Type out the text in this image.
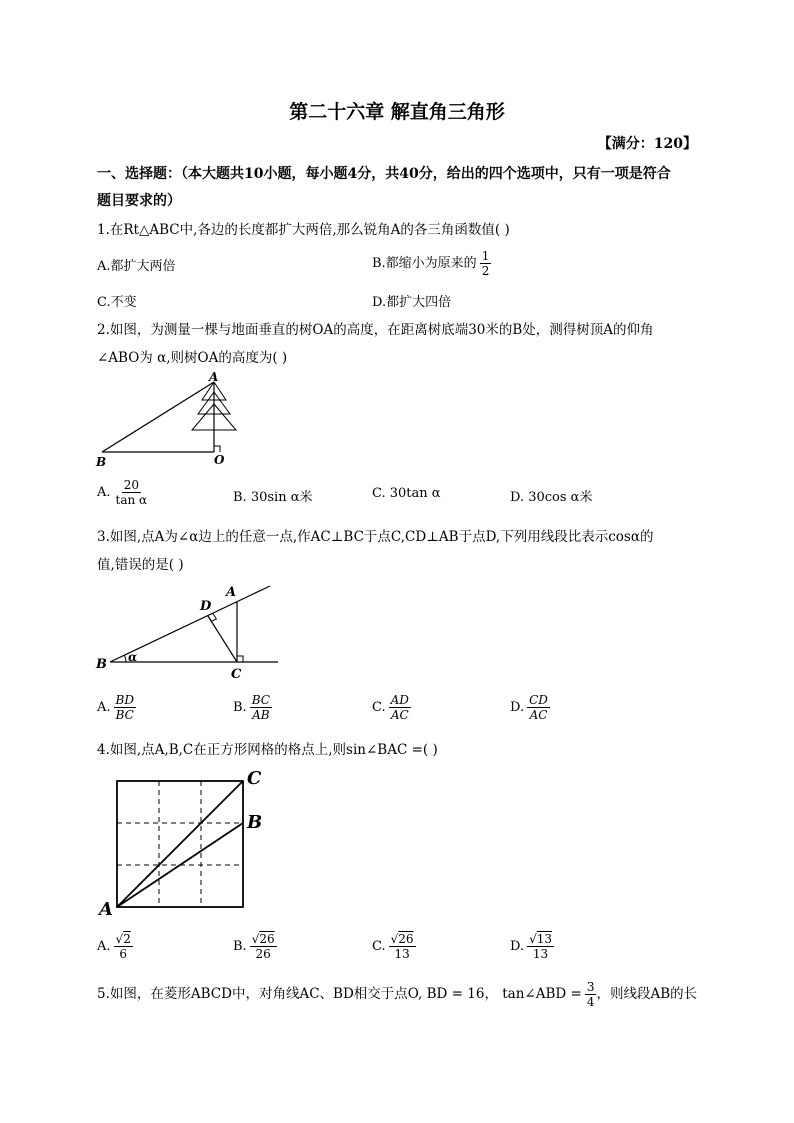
第二十六章 解直角三角形
【满分：120】
一、选择题：（本大题共10小题，每小题4分，共40分，给出的四个选项中，只有一项是符合
题目要求的）
1.在Rt△ABC中,各边的长度都扩大两倍,那么锐角A的各三角函数值( )
A.都扩大两倍	B.都缩小为原来的 $\frac{1}{2}$
C.不变	D.都扩大四倍
2.如图，为测量一棵与地面垂直的树OA的高度，在距离树底端30米的B处，测得树顶A的仰角
∠ABO为 α,则树OA的高度为( )
A
B	O
A. $\frac{20}{\text{tan α}}$	B. 30sin α米	C. 30tan α	D. 30cos α米
3.如图,点A为∠α边上的任意一点,作AC⊥BC于点C,CD⊥AB于点D,下列用线段比表示cosα的
值,错误的是( )
A
B
C
D
α
A. $\frac{BD}{BC}$	B. $\frac{BC}{AB}$	C. $\frac{AD}{AC}$	D. $\frac{CD}{AC}$
4.如图,点A,B,C在正方形网格的格点上,则sin∠BAC =( )
A
B
C
A. $\frac{√2}{6}$	B. $\frac{√26}{26}$	C. $\frac{√26}{13}$	D. $\frac{√13}{13}$
5.如图，在菱形ABCD中，对角线AC、BD相交于点O, BD = 16， tan∠ABD = $\frac{3}{4}$ ，则线段AB的长
